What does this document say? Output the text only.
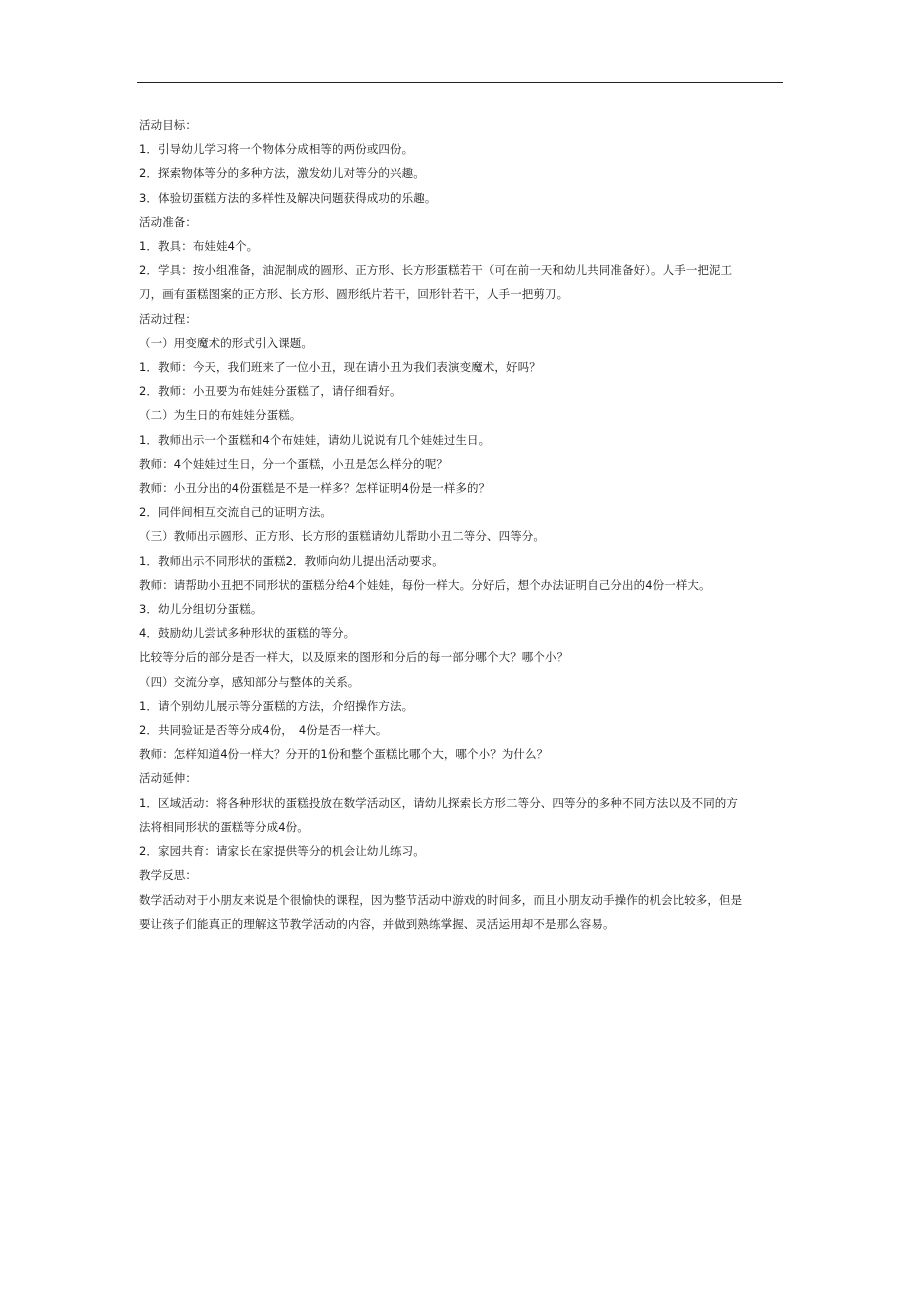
活动目标：
1．引导幼儿学习将一个物体分成相等的两份或四份。
2．探索物体等分的多种方法，激发幼儿对等分的兴趣。
3．体验切蛋糕方法的多样性及解决问题获得成功的乐趣。
活动准备：
1．教具：布娃娃4个。
2．学具：按小组准备，油泥制成的圆形、正方形、长方形蛋糕若干（可在前一天和幼儿共同准备好）。人手一把泥工
刀，画有蛋糕图案的正方形、长方形、圆形纸片若干，回形针若干，人手一把剪刀。
活动过程：
（一）用变魔术的形式引入课题。
1．教师：今天，我们班来了一位小丑，现在请小丑为我们表演变魔术，好吗？
2．教师：小丑要为布娃娃分蛋糕了，请仔细看好。
（二）为生日的布娃娃分蛋糕。
1．教师出示一个蛋糕和4个布娃娃，请幼儿说说有几个娃娃过生日。
教师：4个娃娃过生日，分一个蛋糕，小丑是怎么样分的呢？
教师：小丑分出的4份蛋糕是不是一样多？怎样证明4份是一样多的？
2．同伴间相互交流自己的证明方法。
（三）教师出示圆形、正方形、长方形的蛋糕请幼儿帮助小丑二等分、四等分。
1．教师出示不同形状的蛋糕2．教师向幼儿提出活动要求。
教师：请帮助小丑把不同形状的蛋糕分给4个娃娃，每份一样大。分好后，想个办法证明自己分出的4份一样大。
3．幼儿分组切分蛋糕。
4．鼓励幼儿尝试多种形状的蛋糕的等分。
比较等分后的部分是否一样大，以及原来的图形和分后的每一部分哪个大？哪个小？
（四）交流分享，感知部分与整体的关系。
1．请个别幼儿展示等分蛋糕的方法，介绍操作方法。
2．共同验证是否等分成4份，　4份是否一样大。
教师：怎样知道4份一样大？分开的1份和整个蛋糕比哪个大，哪个小？为什么？
活动延伸：
1．区域活动：将各种形状的蛋糕投放在数学活动区，请幼儿探索长方形二等分、四等分的多种不同方法以及不同的方
法将相同形状的蛋糕等分成4份。
2．家园共育：请家长在家提供等分的机会让幼儿练习。
教学反思：
数学活动对于小朋友来说是个很愉快的课程，因为整节活动中游戏的时间多，而且小朋友动手操作的机会比较多，但是
要让孩子们能真正的理解这节教学活动的内容，并做到熟练掌握、灵活运用却不是那么容易。
